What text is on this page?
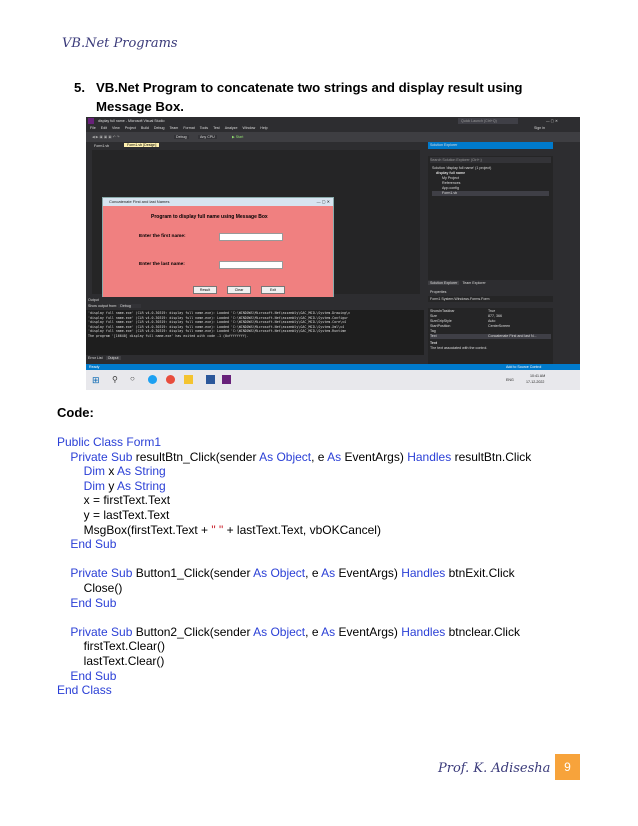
VB.Net Programs
5. VB.Net Program to concatenate two strings and display result using Message Box.
display full name - Microsoft Visual Studio	Quick Launch (Ctrl+Q)	— ▢ ✕
File Edit View Project Build Debug Team Format Tools Test Analyze Window Help	Sign in
◀ ▶ ▣ ▣ ▣ ↶ ↷	Debug	Any CPU	▶ Start
Form1.vb	Form1.vb [Design]
Concatenate First and last Names	— ▢ ✕
Program to display full name using Message Box
Enter the first name:
Enter the last name:
Result	Clear	Exit
Solution Explorer
Search Solution Explorer (Ctrl+;)
Solution 'display full name' (1 project)
display full name
My Project
References
App.config
Form1.vb
Solution Explorer Team Explorer
Properties
Form1 System.Windows.Forms.Form
ShowInTaskbar	True
Size	877, 366
SizeGripStyle	Auto
StartPosition	CenterScreen
Tag
Text	Concatenate First and last N...
Text
The text associated with the control.
Output
Show output from: Debug
'display full name.exe' (CLR v4.0.30319: display full name.exe): Loaded 'C:\WINDOWS\Microsoft.Net\assembly\GAC_MSIL\System.Drawing\v
'display full name.exe' (CLR v4.0.30319: display full name.exe): Loaded 'C:\WINDOWS\Microsoft.Net\assembly\GAC_MSIL\System.Configur
'display full name.exe' (CLR v4.0.30319: display full name.exe): Loaded 'C:\WINDOWS\Microsoft.Net\assembly\GAC_MSIL\System.Core\v4
'display full name.exe' (CLR v4.0.30319: display full name.exe): Loaded 'C:\WINDOWS\Microsoft.Net\assembly\GAC_MSIL\System.Xml\v4
'display full name.exe' (CLR v4.0.30319: display full name.exe): Loaded 'C:\WINDOWS\Microsoft.Net\assembly\GAC_MSIL\System.Runtime
The program '[16640] display full name.exe' has exited with code -1 (0xffffffff).
Error List Output
Ready	Add to Source Control
⊞ ⚲ ○	ENG
10:41 AM
17-12-2022
Code:
Public Class Form1
Private Sub resultBtn_Click(sender As Object, e As EventArgs) Handles resultBtn.Click
Dim x As String
Dim y As String
x = firstText.Text
y = lastText.Text
MsgBox(firstText.Text + " " + lastText.Text, vbOKCancel)
End Sub

Private Sub Button1_Click(sender As Object, e As EventArgs) Handles btnExit.Click
Close()
End Sub

Private Sub Button2_Click(sender As Object, e As EventArgs) Handles btnclear.Click
firstText.Clear()
lastText.Clear()
End Sub
End Class
Prof. K. Adisesha	9
